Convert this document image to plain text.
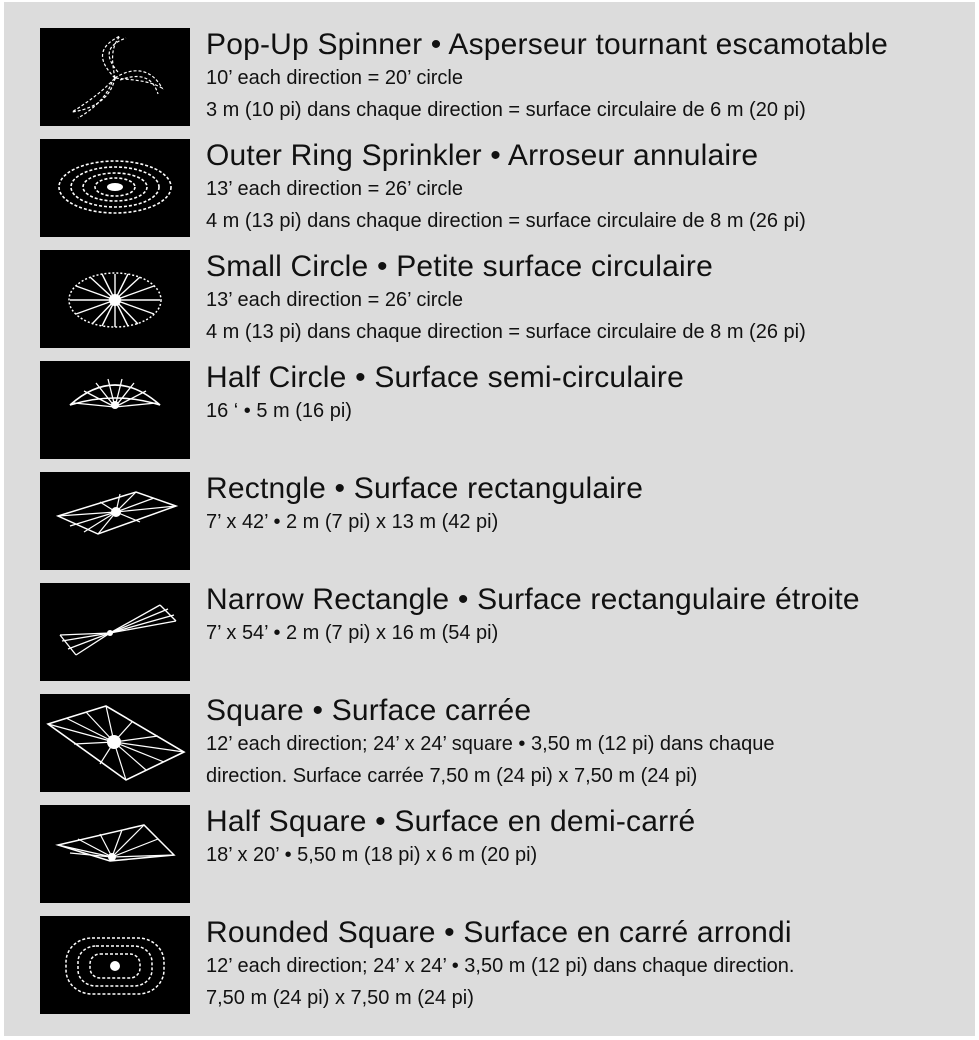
Pop-Up Spinner • Asperseur tournant escamotable
10’ each direction = 20’ circle
3 m (10 pi) dans chaque direction = surface circulaire de 6 m (20 pi)
Outer Ring Sprinkler • Arroseur annulaire
13’ each direction = 26’ circle
4 m (13 pi) dans chaque direction = surface circulaire de 8 m (26 pi)
Small Circle • Petite surface circulaire
13’ each direction = 26’ circle
4 m (13 pi) dans chaque direction = surface circulaire de 8 m (26 pi)
Half Circle • Surface semi-circulaire
16 ‘ • 5 m (16 pi)
Rectngle • Surface rectangulaire
7’ x 42’ • 2 m (7 pi) x 13 m (42 pi)
Narrow Rectangle • Surface rectangulaire étroite
7’ x 54’ • 2 m (7 pi) x 16 m (54 pi)
Square • Surface carrée
12’ each direction; 24’ x 24’ square • 3,50 m (12 pi) dans chaque
direction. Surface carrée 7,50 m (24 pi) x 7,50 m (24 pi)
Half Square • Surface en demi-carré
18’ x 20’ • 5,50 m (18 pi) x 6 m (20 pi)
Rounded Square • Surface en carré arrondi
12’ each direction; 24’ x 24’ • 3,50 m (12 pi) dans chaque direction.
7,50 m (24 pi) x 7,50 m (24 pi)
